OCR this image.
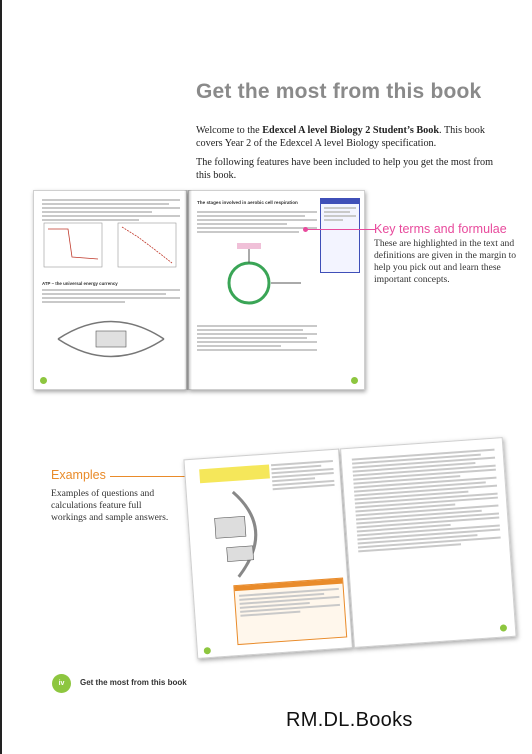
Get the most from this book

Welcome to the Edexcel A level Biology 2 Student’s Book. This book covers Year 2 of the Edexcel A level Biology specification.

The following features have been included to help you get the most from this book.

ATP – the universal energy currency
The stages involved in aerobic cell respiration
Key terms and formulae
These are highlighted in the text and definitions are given in the margin to help you pick out and learn these important concepts.
Examples
Examples of questions and calculations feature full workings and sample answers.
iv	Get the most from this book
RM.DL.Books
